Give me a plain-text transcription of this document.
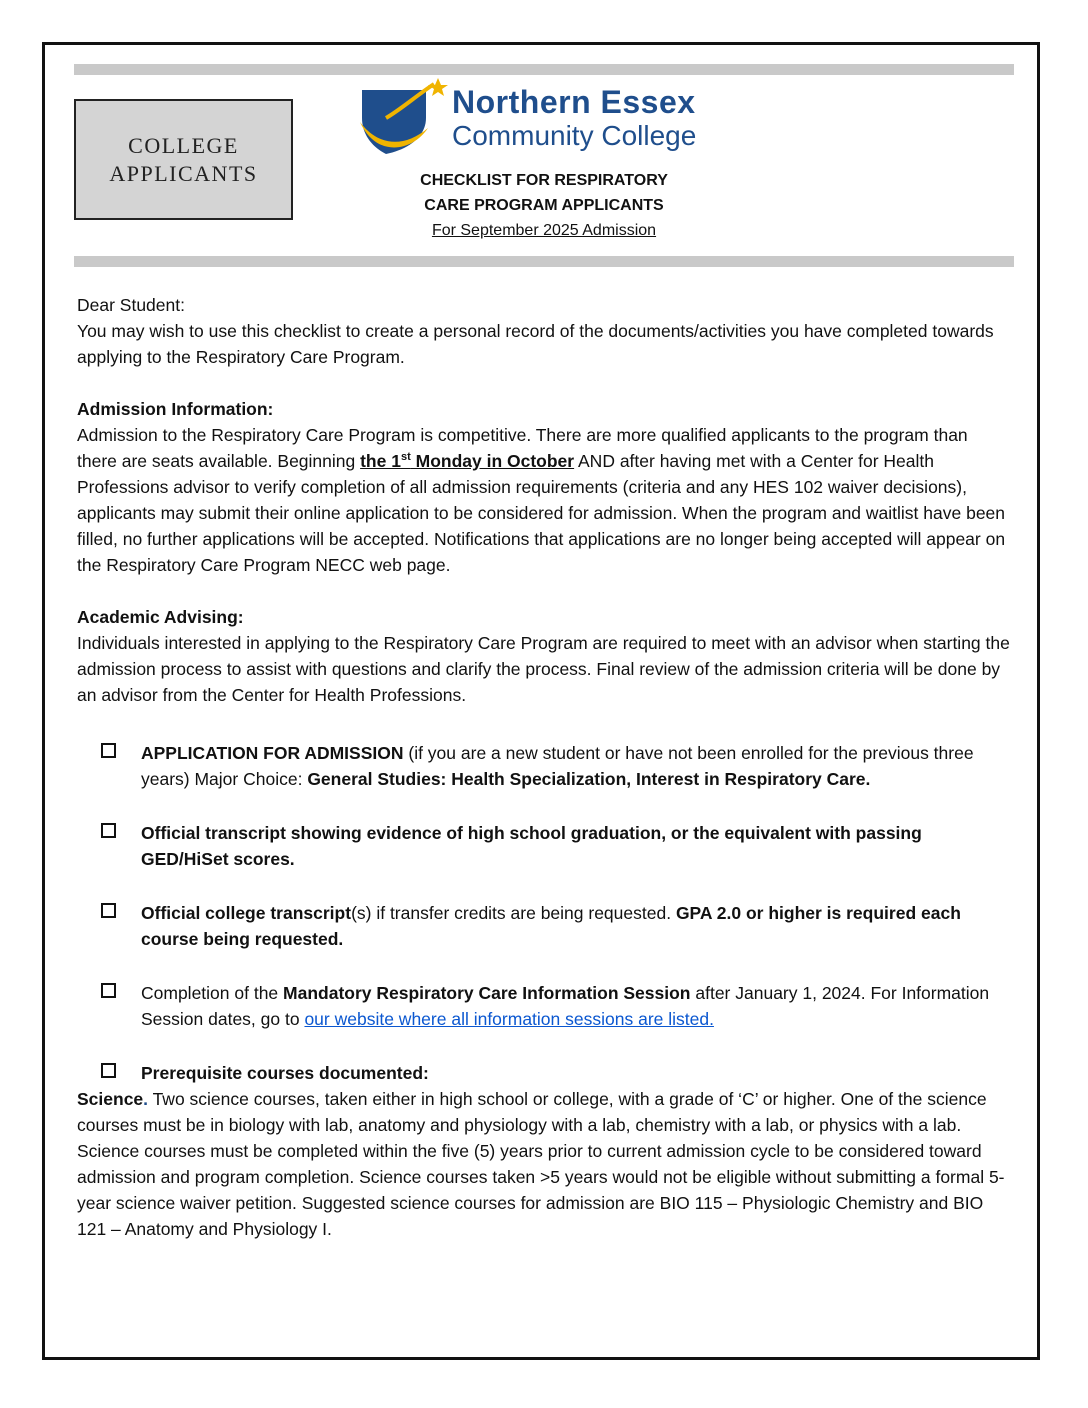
COLLEGE
APPLICANTS
Northern Essex
Community College
CHECKLIST FOR RESPIRATORY
CARE PROGRAM APPLICANTS
For September 2025 Admission

Dear Student:

You may wish to use this checklist to create a personal record of the documents/activities you have completed towards applying to the Respiratory Care Program.

Admission Information:

Admission to the Respiratory Care Program is competitive. There are more qualified applicants to the program than there are seats available. Beginning the 1st Monday in October AND after having met with a Center for Health Professions advisor to verify completion of all admission requirements (criteria and any HES 102 waiver decisions), applicants may submit their online application to be considered for admission. When the program and waitlist have been filled, no further applications will be accepted. Notifications that applications are no longer being accepted will appear on the Respiratory Care Program NECC web page.

Academic Advising:

Individuals interested in applying to the Respiratory Care Program are required to meet with an advisor when starting the admission process to assist with questions and clarify the process. Final review of the admission criteria will be done by an advisor from the Center for Health Professions.

APPLICATION FOR ADMISSION (if you are a new student or have not been enrolled for the previous three years) Major Choice: General Studies: Health Specialization, Interest in Respiratory Care.
Official transcript showing evidence of high school graduation, or the equivalent with passing GED/HiSet scores.
Official college transcript(s) if transfer credits are being requested. GPA 2.0 or higher is required each course being requested.
Completion of the Mandatory Respiratory Care Information Session after January 1, 2024. For Information Session dates, go to our website where all information sessions are listed.
Prerequisite courses documented:

Science. Two science courses, taken either in high school or college, with a grade of ‘C’ or higher. One of the science courses must be in biology with lab, anatomy and physiology with a lab, chemistry with a lab, or physics with a lab. Science courses must be completed within the five (5) years prior to current admission cycle to be considered toward admission and program completion. Science courses taken >5 years would not be eligible without submitting a formal 5-year science waiver petition. Suggested science courses for admission are BIO 115 – Physiologic Chemistry and BIO 121 – Anatomy and Physiology I.
